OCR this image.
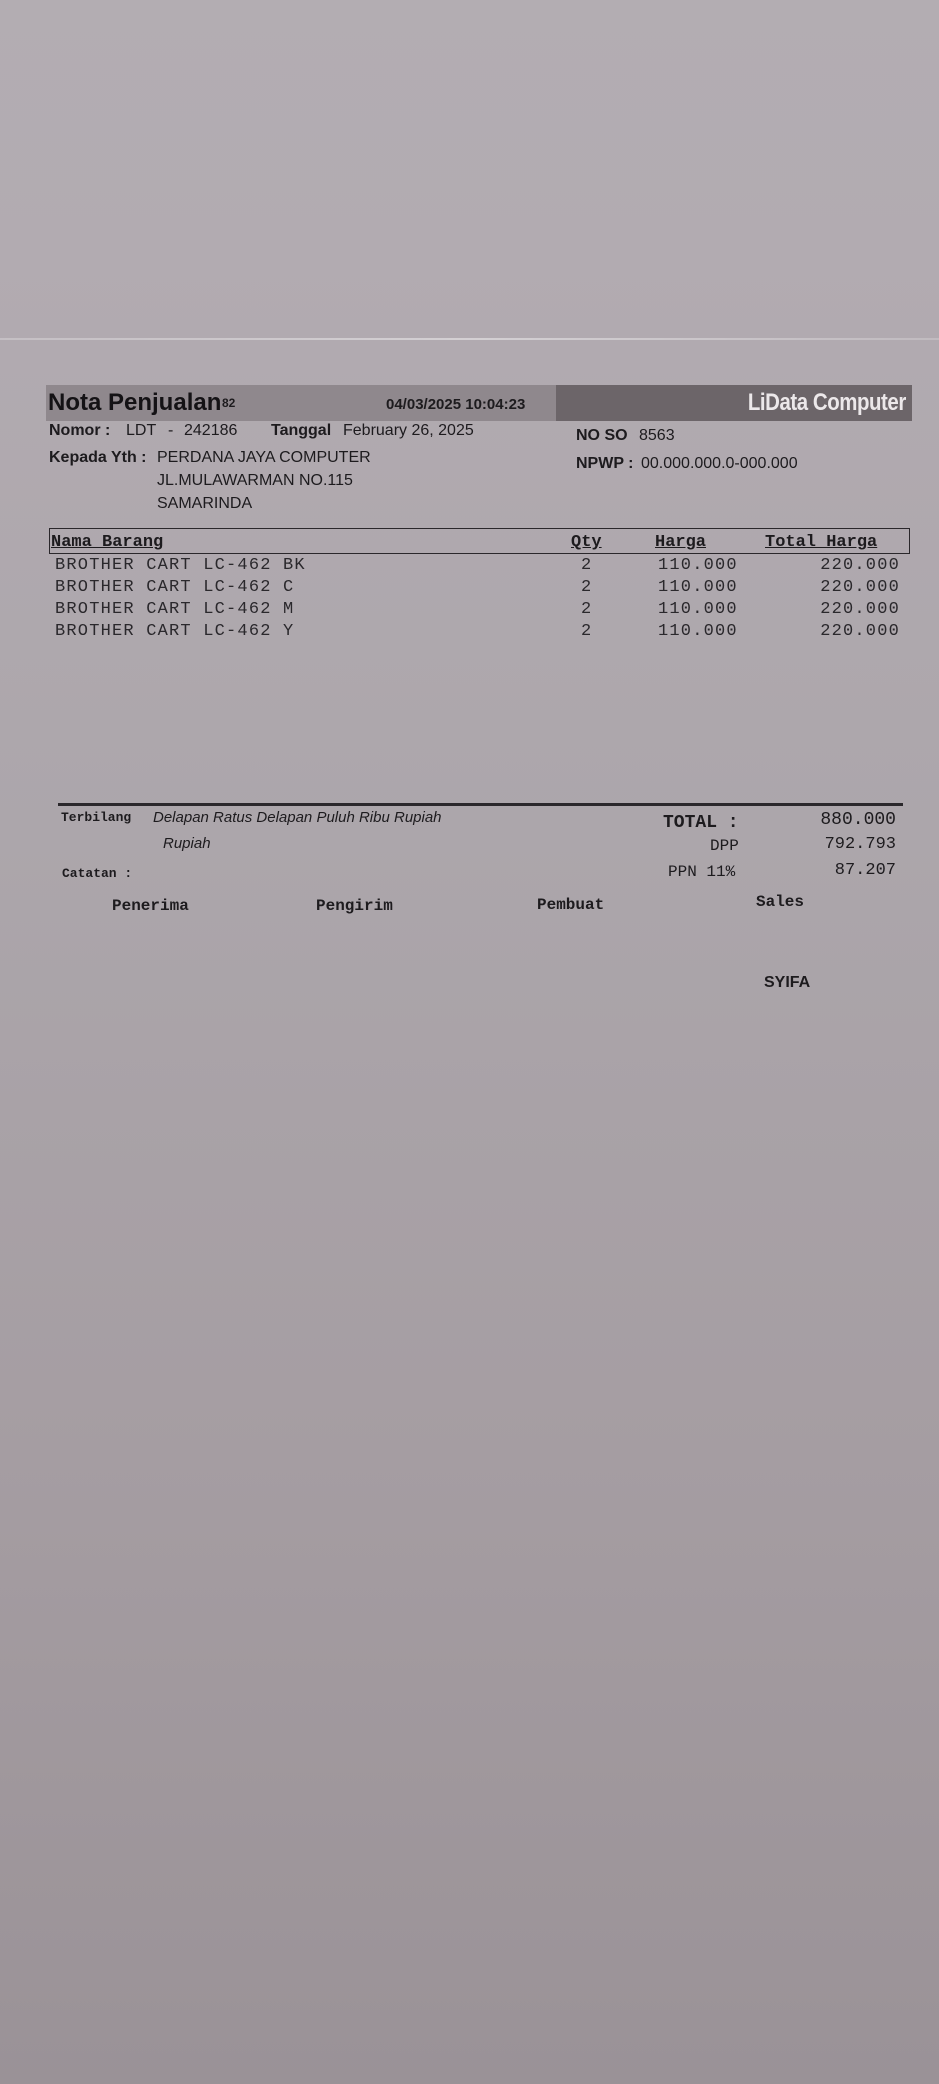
LiData Computer
Nota Penjualan 82	04/03/2025 10:04:23
Nomor : LDT - 242186 Tanggal February 26, 2025	NO SO 8563
NPWP : 00.000.000.0-000.000
Kepada Yth : PERDANA JAYA COMPUTER
JL.MULAWARMAN NO.115
SAMARINDA
Nama Barang	Qty	Harga	Total Harga
BROTHER CART LC-462 BK	2	110.000	220.000
BROTHER CART LC-462 C	2	110.000	220.000
BROTHER CART LC-462 M	2	110.000	220.000
BROTHER CART LC-462 Y	2	110.000	220.000
Terbilang Delapan Ratus Delapan Puluh Ribu Rupiah
Rupiah
Catatan :
TOTAL :	880.000
DPP	792.793
PPN 11%	87.207
Penerima	Pengirim	Pembuat	Sales
SYIFA
